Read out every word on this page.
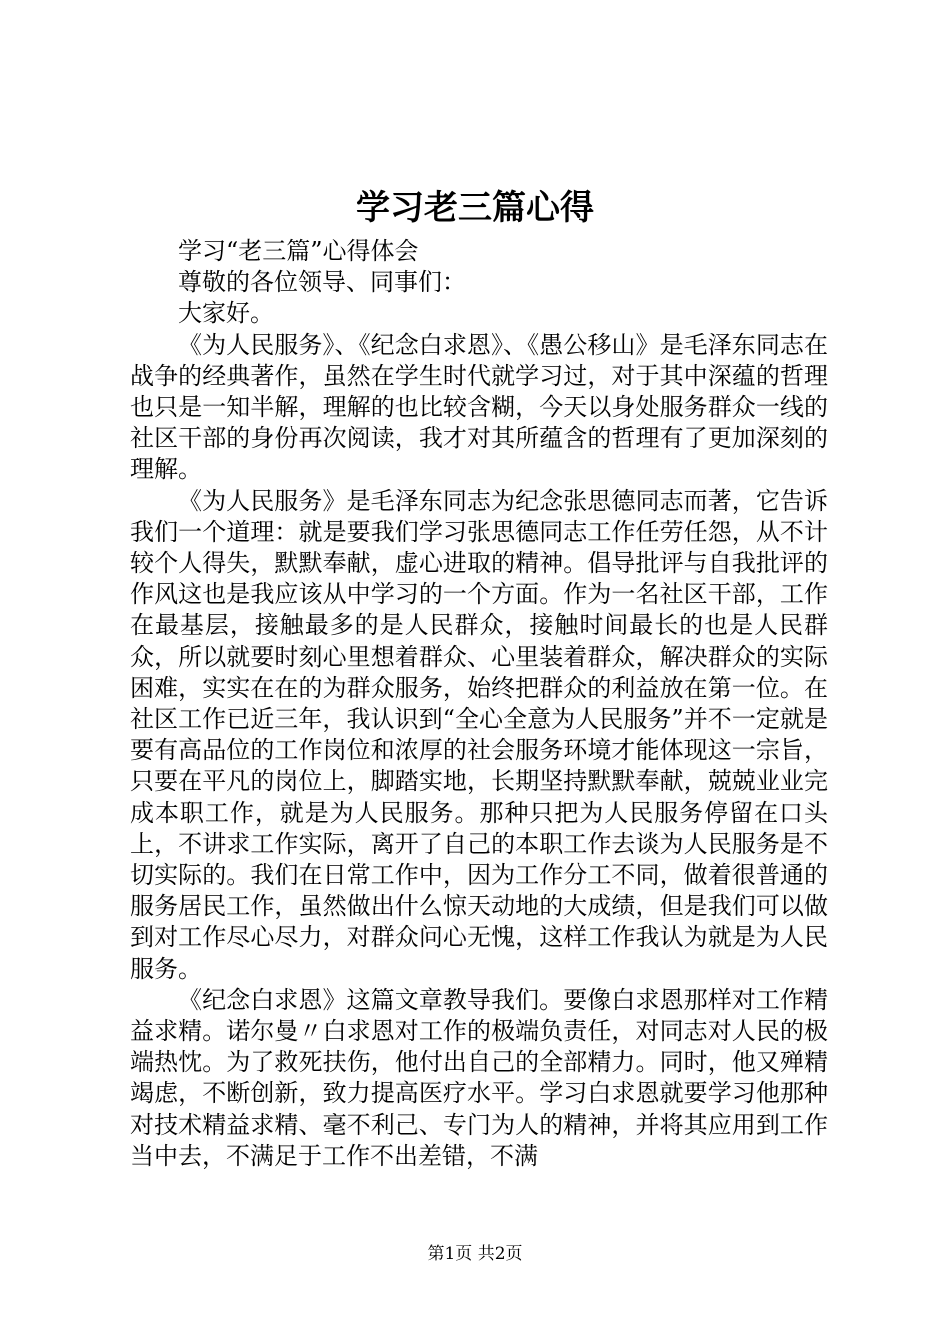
学习老三篇心得

学习“老三篇”心得体会

尊敬的各位领导、同事们：

大家好。

《为人民服务》、《纪念白求恩》、《愚公移山》是毛泽东同志在战争的经典著作，虽然在学生时代就学习过，对于其中深蕴的哲理也只是一知半解，理解的也比较含糊，今天以身处服务群众一线的社区干部的身份再次阅读，我才对其所蕴含的哲理有了更加深刻的理解。

《为人民服务》是毛泽东同志为纪念张思德同志而著，它告诉我们一个道理：就是要我们学习张思德同志工作任劳任怨，从不计较个人得失，默默奉献，虚心进取的精神。倡导批评与自我批评的作风这也是我应该从中学习的一个方面。作为一名社区干部，工作在最基层，接触最多的是人民群众，接触时间最长的也是人民群众，所以就要时刻心里想着群众、心里装着群众，解决群众的实际困难，实实在在的为群众服务，始终把群众的利益放在第一位。在社区工作已近三年，我认识到“全心全意为人民服务”并不一定就是要有高品位的工作岗位和浓厚的社会服务环境才能体现这一宗旨，只要在平凡的岗位上，脚踏实地，长期坚持默默奉献，兢兢业业完成本职工作，就是为人民服务。那种只把为人民服务停留在口头上，不讲求工作实际，离开了自己的本职工作去谈为人民服务是不切实际的。我们在日常工作中，因为工作分工不同，做着很普通的服务居民工作，虽然做出什么惊天动地的大成绩，但是我们可以做到对工作尽心尽力，对群众问心无愧，这样工作我认为就是为人民服务。

《纪念白求恩》这篇文章教导我们。要像白求恩那样对工作精益求精。诺尔曼〃白求恩对工作的极端负责任，对同志对人民的极端热忱。为了救死扶伤，他付出自己的全部精力。同时，他又殚精竭虑，不断创新，致力提高医疗水平。学习白求恩就要学习他那种对技术精益求精、毫不利己、专门为人的精神，并将其应用到工作当中去，不满足于工作不出差错，不满

第1页 共2页
